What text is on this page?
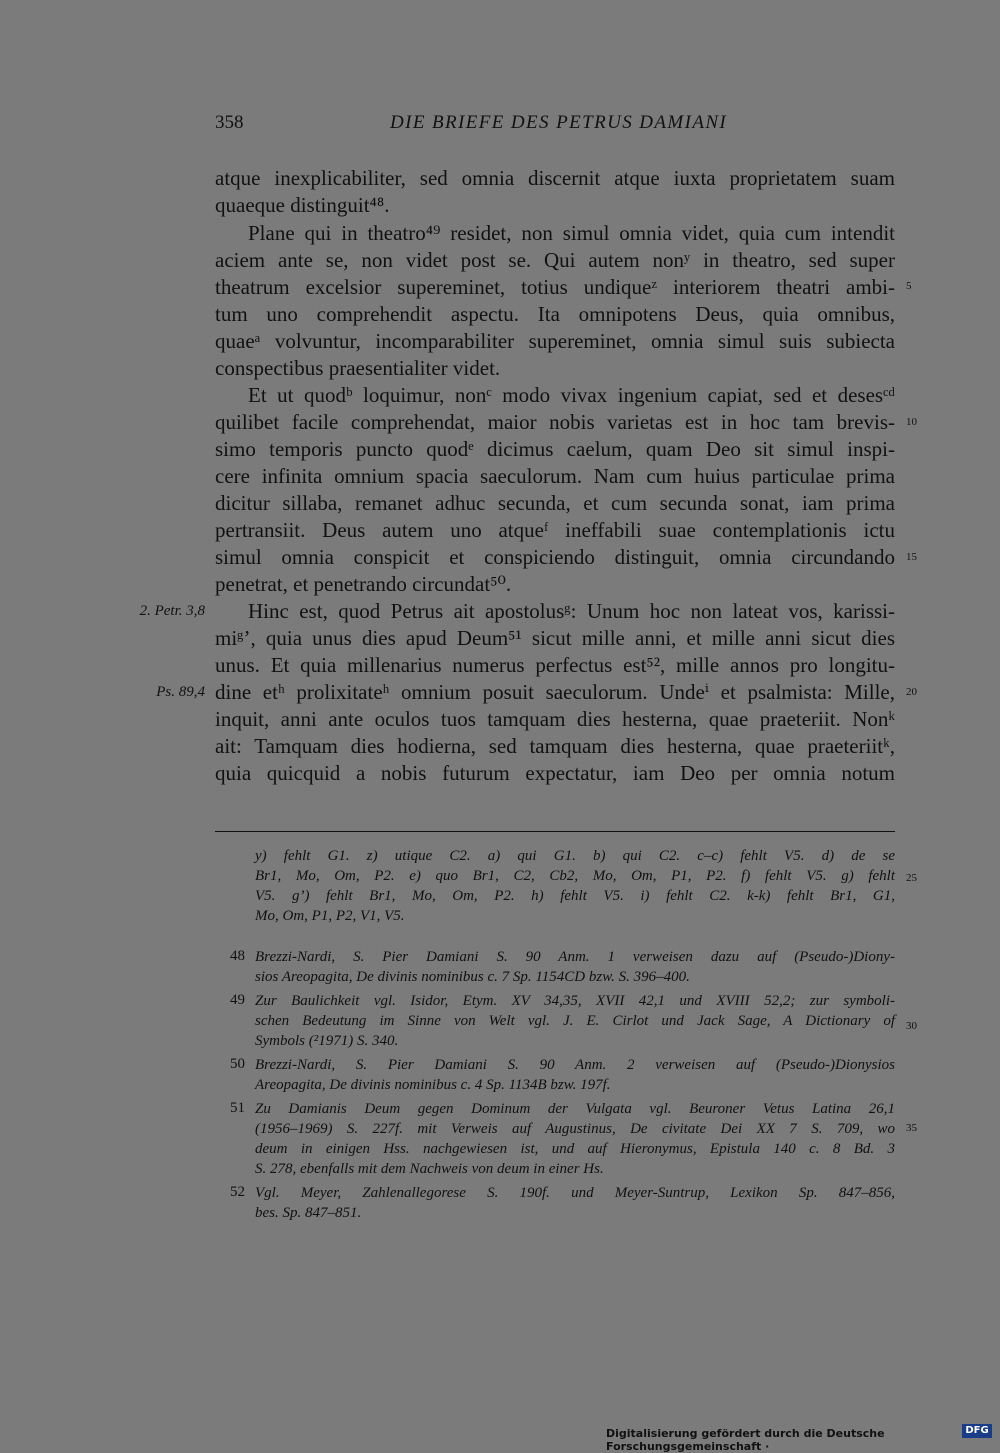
358	DIE BRIEFE DES PETRUS DAMIANI
atque inexplicabiliter, sed omnia discernit atque iuxta proprietatem suam
quaeque distinguit⁴⁸.
Plane qui in theatro⁴⁹ residet, non simul omnia videt, quia cum intendit
aciem ante se, non videt post se. Qui autem nonʸ in theatro, sed super
theatrum excelsior supereminet, totius undiqueᶻ interiorem theatri ambi-
tum uno comprehendit aspectu. Ita omnipotens Deus, quia omnibus,
quaeᵃ volvuntur, incomparabiliter supereminet, omnia simul suis subiecta
conspectibus praesentialiter videt.
Et ut quodᵇ loquimur, nonᶜ modo vivax ingenium capiat, sed et desesᶜᵈ
quilibet facile comprehendat, maior nobis varietas est in hoc tam brevis-
simo temporis puncto quodᵉ dicimus caelum, quam Deo sit simul inspi-
cere infinita omnium spacia saeculorum. Nam cum huius particulae prima
dicitur sillaba, remanet adhuc secunda, et cum secunda sonat, iam prima
pertransiit. Deus autem uno atqueᶠ ineffabili suae contemplationis ictu
simul omnia conspicit et conspiciendo distinguit, omnia circundando
penetrat, et penetrando circundat⁵⁰.
Hinc est, quod Petrus ait apostolusᵍ: Unum hoc non lateat vos, karissi-
miᵍ’, quia unus dies apud Deum⁵¹ sicut mille anni, et mille anni sicut dies
unus. Et quia millenarius numerus perfectus est⁵², mille annos pro longitu-
dine etʰ prolixitateʰ omnium posuit saeculorum. Undeⁱ et psalmista: Mille,
inquit, anni ante oculos tuos tamquam dies hesterna, quae praeteriit. Nonᵏ
ait: Tamquam dies hodierna, sed tamquam dies hesterna, quae praeteriitᵏ,
quia quicquid a nobis futurum expectatur, iam Deo per omnia notum
2. Petr. 3,8
Ps. 89,4
5
10
15
20
25
30
35
y) fehlt G1. z) utique C2. a) qui G1. b) qui C2. c–c) fehlt V5. d) de se
Br1, Mo, Om, P2. e) quo Br1, C2, Cb2, Mo, Om, P1, P2. f) fehlt V5. g) fehlt
V5. g’) fehlt Br1, Mo, Om, P2. h) fehlt V5. i) fehlt C2. k-k) fehlt Br1, G1,
Mo, Om, P1, P2, V1, V5.
48 Brezzi-Nardi, S. Pier Damiani S. 90 Anm. 1 verweisen dazu auf (Pseudo-)Diony-
sios Areopagita, De divinis nominibus c. 7 Sp. 1154CD bzw. S. 396–400.
49 Zur Baulichkeit vgl. Isidor, Etym. XV 34,35, XVII 42,1 und XVIII 52,2; zur symboli-
schen Bedeutung im Sinne von Welt vgl. J. E. Cirlot und Jack Sage, A Dictionary of
Symbols (²1971) S. 340.
50 Brezzi-Nardi, S. Pier Damiani S. 90 Anm. 2 verweisen auf (Pseudo-)Dionysios
Areopagita, De divinis nominibus c. 4 Sp. 1134B bzw. 197f.
51 Zu Damianis Deum gegen Dominum der Vulgata vgl. Beuroner Vetus Latina 26,1
(1956–1969) S. 227f. mit Verweis auf Augustinus, De civitate Dei XX 7 S. 709, wo
deum in einigen Hss. nachgewiesen ist, und auf Hieronymus, Epistula 140 c. 8 Bd. 3
S. 278, ebenfalls mit dem Nachweis von deum in einer Hs.
52 Vgl. Meyer, Zahlenallegorese S. 190f. und Meyer-Suntrup, Lexikon Sp. 847–856,
bes. Sp. 847–851.
Digitalisierung gefördert durch die Deutsche Forschungsgemeinschaft ·
DFG
